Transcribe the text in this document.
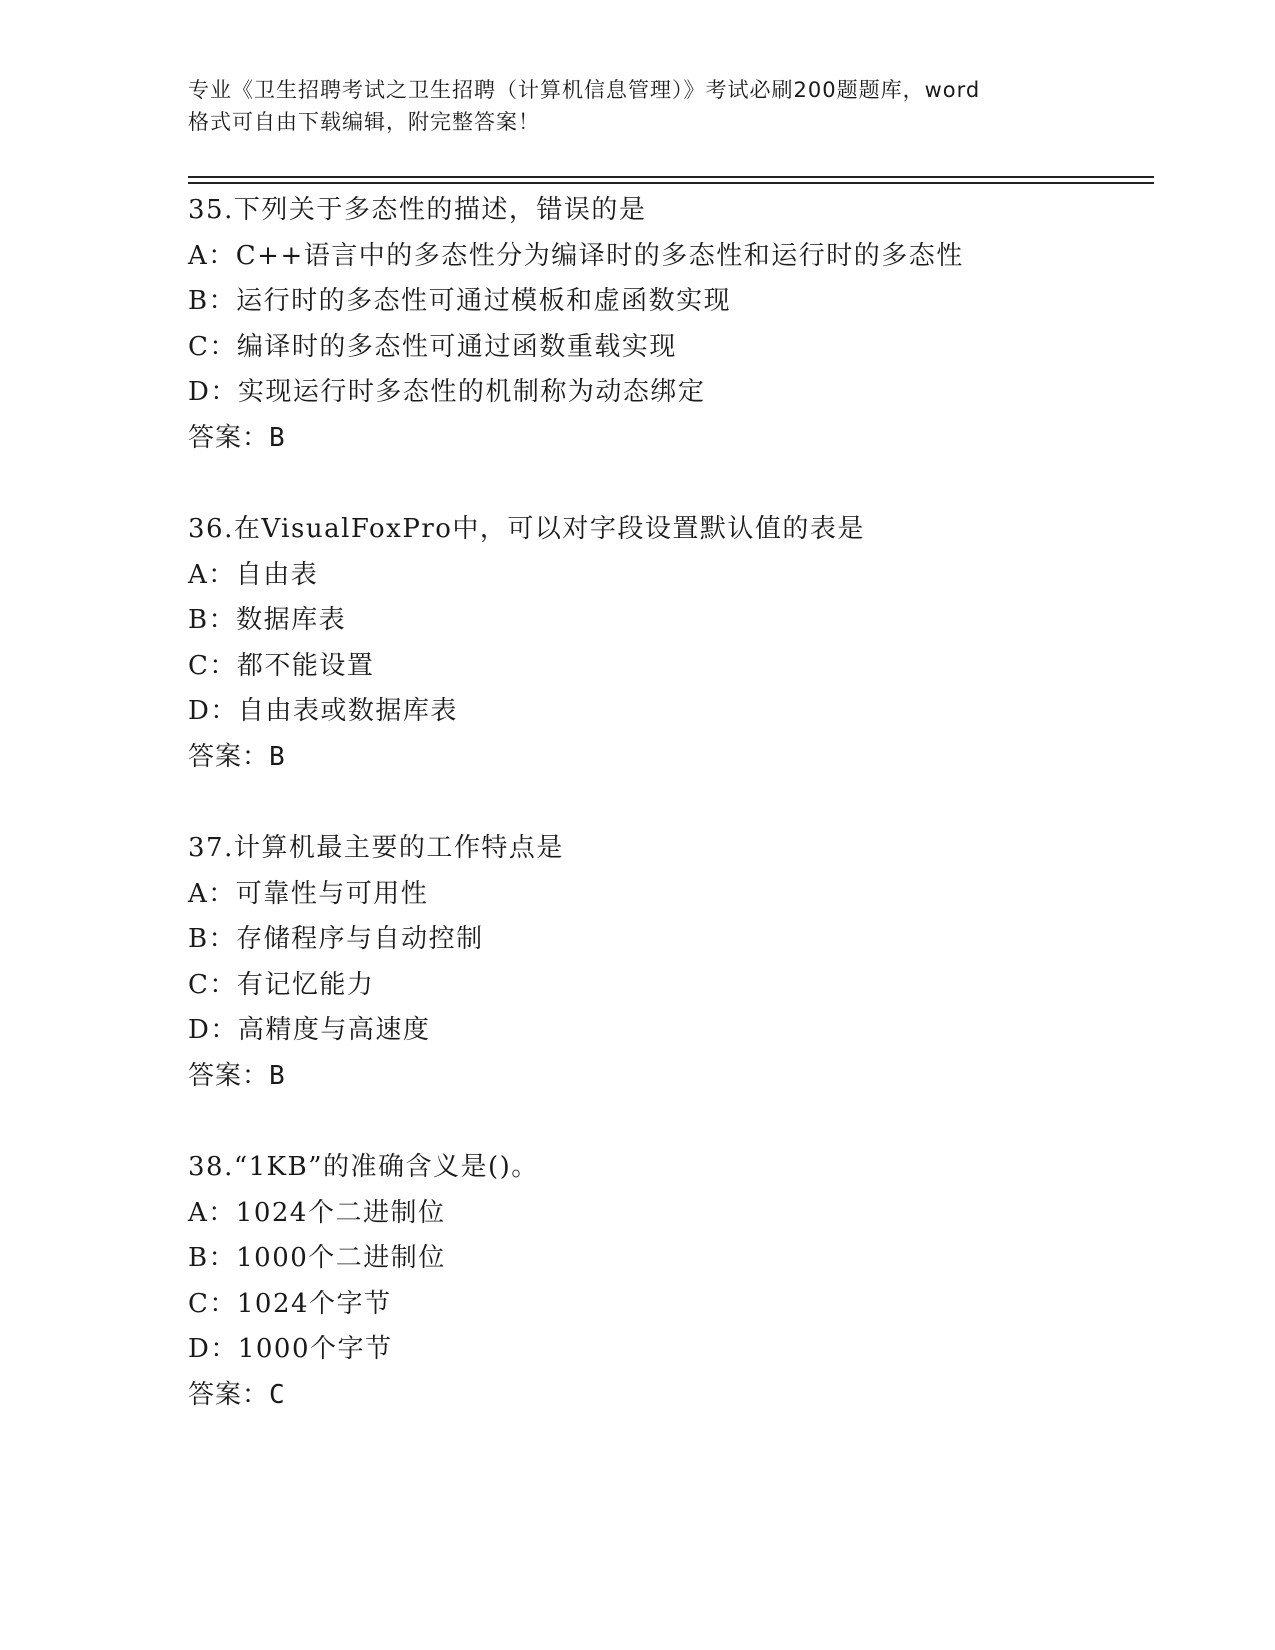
专业《卫生招聘考试之卫生招聘（计算机信息管理）》考试必刷200题题库，word
格式可自由下载编辑，附完整答案！
35.下列关于多态性的描述，错误的是
A：C++语言中的多态性分为编译时的多态性和运行时的多态性
B：运行时的多态性可通过模板和虚函数实现
C：编译时的多态性可通过函数重载实现
D：实现运行时多态性的机制称为动态绑定
答案：B
36.在VisualFoxPro中，可以对字段设置默认值的表是
A：自由表
B：数据库表
C：都不能设置
D：自由表或数据库表
答案：B
37.计算机最主要的工作特点是
A：可靠性与可用性
B：存储程序与自动控制
C：有记忆能力
D：高精度与高速度
答案：B
38.“1KB”的准确含义是()。
A：1024个二进制位
B：1000个二进制位
C：1024个字节
D：1000个字节
答案：C
